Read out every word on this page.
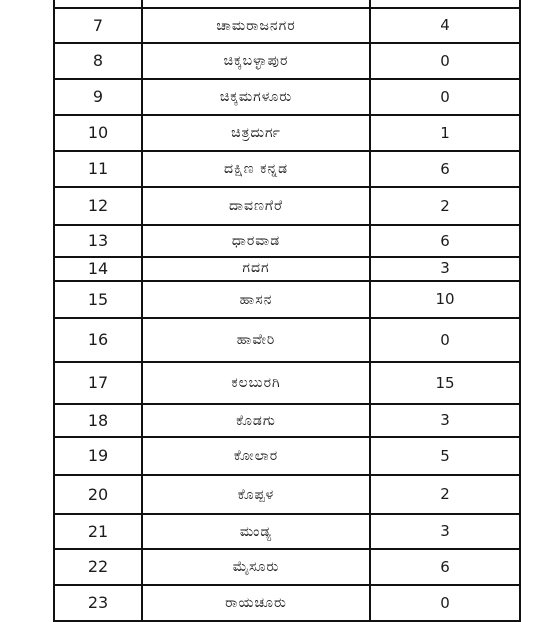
7	ಚಾಮರಾಜನಗರ	4
8	ಚಿಕ್ಕಬಳ್ಳಾಪುರ	0
9	ಚಿಕ್ಕಮಗಳೂರು	0
10	ಚಿತ್ರದುರ್ಗ	1
11	ದಕ್ಷಿಣ ಕನ್ನಡ	6
12	ದಾವಣಗೆರೆ	2
13	ಧಾರವಾಡ	6
14	ಗದಗ	3
15	ಹಾಸನ	10
16	ಹಾವೇರಿ	0
17	ಕಲಬುರಗಿ	15
18	ಕೊಡಗು	3
19	ಕೋಲಾರ	5
20	ಕೊಪ್ಪಳ	2
21	ಮಂಡ್ಯ	3
22	ಮೈಸೂರು	6
23	ರಾಯಚೂರು	0
